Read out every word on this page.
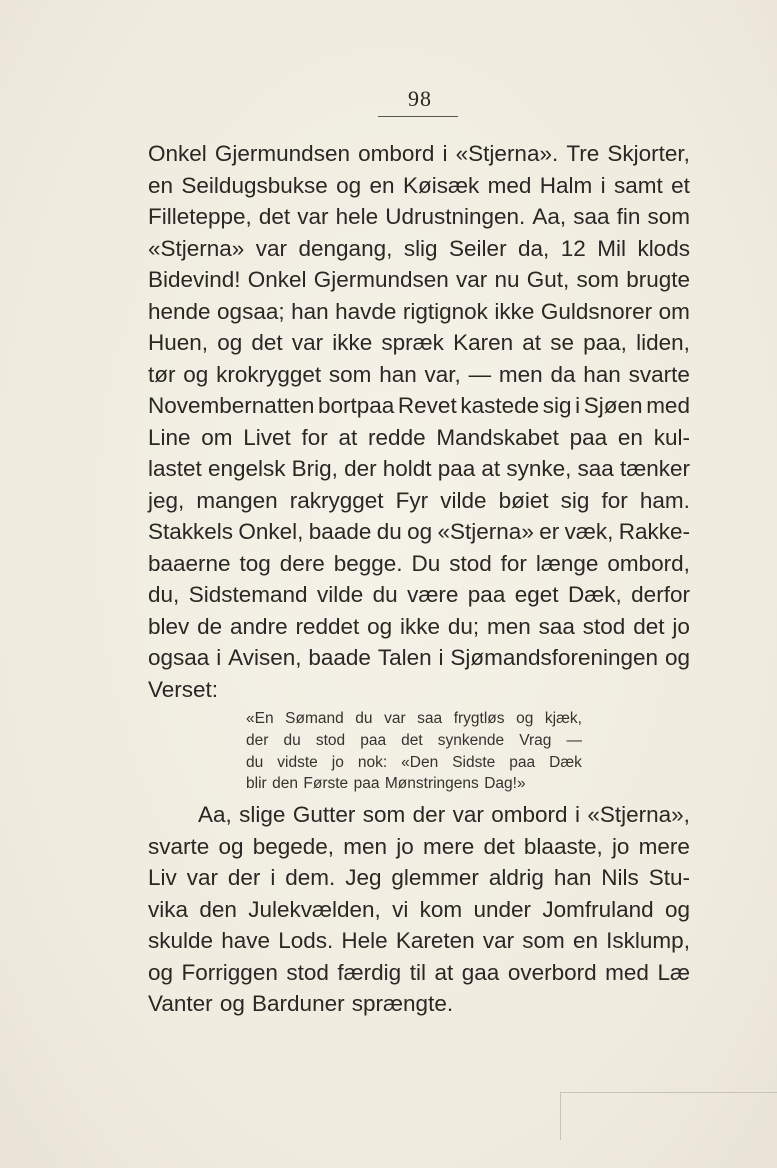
98
Onkel Gjermundsen ombord i «Stjerna». Tre Skjorter,
en Seildugsbukse og en Køisæk med Halm i samt et
Filleteppe, det var hele Udrustningen. Aa, saa fin som
«Stjerna» var dengang, slig Seiler da, 12 Mil klods
Bidevind! Onkel Gjermundsen var nu Gut, som brugte
hende ogsaa; han havde rigtignok ikke Guldsnorer om
Huen, og det var ikke spræk Karen at se paa, liden,
tør og krokrygget som han var, — men da han svarte
Novembernatten bortpaa Revet kastede sig i Sjøen med
Line om Livet for at redde Mandskabet paa en kul-
lastet engelsk Brig, der holdt paa at synke, saa tænker
jeg, mangen rakrygget Fyr vilde bøiet sig for ham.
Stakkels Onkel, baade du og «Stjerna» er væk, Rakke-
baaerne tog dere begge. Du stod for længe ombord,
du, Sidstemand vilde du være paa eget Dæk, derfor
blev de andre reddet og ikke du; men saa stod det jo
ogsaa i Avisen, baade Talen i Sjømandsforeningen og
Verset:
«En Sømand du var saa frygtløs og kjæk,
der du stod paa det synkende Vrag —
du vidste jo nok: «Den Sidste paa Dæk
blir den Første paa Mønstringens Dag!»
Aa, slige Gutter som der var ombord i «Stjerna»,
svarte og begede, men jo mere det blaaste, jo mere
Liv var der i dem. Jeg glemmer aldrig han Nils Stu-
vika den Julekvælden, vi kom under Jomfruland og
skulde have Lods. Hele Kareten var som en Isklump,
og Forriggen stod færdig til at gaa overbord med Læ
Vanter og Barduner sprængte.
